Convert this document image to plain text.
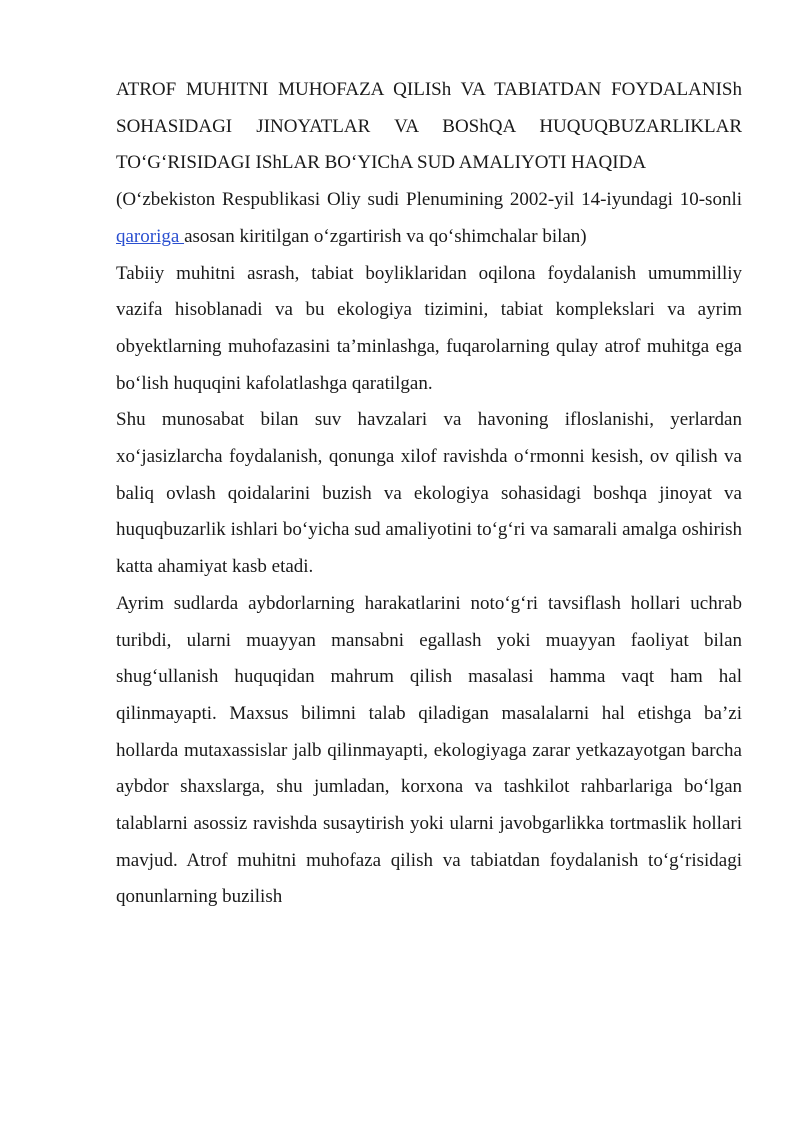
ATROF MUHITNI MUHOFAZA QILISh VA TABIATDAN FOYDALANISh SOHASIDAGI JINOYATLAR VA BOShQA HUQUQBUZARLIKLAR TO‘G‘RISIDAGI IShLAR BO‘YIChA SUD AMALIYOTI HAQIDA

(O‘zbekiston Respublikasi Oliy sudi Plenumining 2002-yil 14-iyundagi 10-sonli qaroriga asosan kiritilgan o‘zgartirish va qo‘shimchalar bilan)

Tabiiy muhitni asrash, tabiat boyliklaridan oqilona foydalanish umummilliy vazifa hisoblanadi va bu ekologiya tizimini, tabiat komplekslari va ayrim obyektlarning muhofazasini ta’minlashga, fuqarolarning qulay atrof muhitga ega bo‘lish huquqini kafolatlashga qaratilgan.

Shu munosabat bilan suv havzalari va havoning ifloslanishi, yerlardan xo‘jasizlarcha foydalanish, qonunga xilof ravishda o‘rmonni kesish, ov qilish va baliq ovlash qoidalarini buzish va ekologiya sohasidagi boshqa jinoyat va huquqbuzarlik ishlari bo‘yicha sud amaliyotini to‘g‘ri va samarali amalga oshirish katta ahamiyat kasb etadi.

Ayrim sudlarda aybdorlarning harakatlarini noto‘g‘ri tavsiflash hollari uchrab turibdi, ularni muayyan mansabni egallash yoki muayyan faoliyat bilan shug‘ullanish huquqidan mahrum qilish masalasi hamma vaqt ham hal qilinmayapti. Maxsus bilimni talab qiladigan masalalarni hal etishga ba’zi hollarda mutaxassislar jalb qilinmayapti, ekologiyaga zarar yetkazayotgan barcha aybdor shaxslarga, shu jumladan, korxona va tashkilot rahbarlariga bo‘lgan talablarni asossiz ravishda susaytirish yoki ularni javobgarlikka tortmaslik hollari mavjud. Atrof muhitni muhofaza qilish va tabiatdan foydalanish to‘g‘risidagi qonunlarning buzilish
